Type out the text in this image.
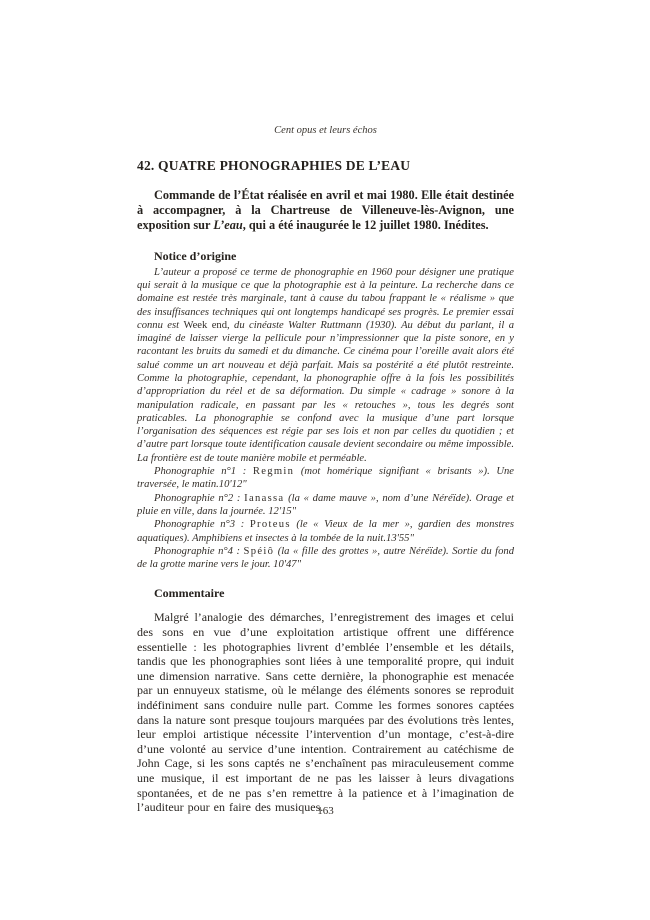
Cent opus et leurs échos
42. QUATRE PHONOGRAPHIES DE L’EAU

Commande de l’État réalisée en avril et mai 1980. Elle était destinée à accompagner, à la Chartreuse de Villeneuve-lès-Avignon, une exposition sur L’eau, qui a été inaugurée le 12 juillet 1980. Inédites.

Notice d’origine

L’auteur a proposé ce terme de phonographie en 1960 pour désigner une pratique qui serait à la musique ce que la photographie est à la peinture. La recherche dans ce domaine est restée très marginale, tant à cause du tabou frappant le « réalisme » que des insuffisances techniques qui ont longtemps handicapé ses progrès. Le premier essai connu est Week end, du cinéaste Walter Ruttmann (1930). Au début du parlant, il a imaginé de laisser vierge la pellicule pour n’impressionner que la piste sonore, en y racontant les bruits du samedi et du dimanche. Ce cinéma pour l’oreille avait alors été salué comme un art nouveau et déjà parfait. Mais sa postérité a été plutôt restreinte. Comme la photographie, cependant, la phonographie offre à la fois les possibilités d’appropriation du réel et de sa déformation. Du simple « cadrage » sonore à la manipulation radicale, en passant par les « retouches », tous les degrés sont praticables. La phonographie se confond avec la musique d’une part lorsque l’organisation des séquences est régie par ses lois et non par celles du quotidien ; et d’autre part lorsque toute identification causale devient secondaire ou même impossible. La frontière est de toute manière mobile et perméable.

Phonographie n°1 : Regmin (mot homérique signifiant « brisants »). Une traversée, le matin.10'12"

Phonographie n°2 : Ianassa (la « dame mauve », nom d’une Néréïde). Orage et pluie en ville, dans la journée. 12'15"

Phonographie n°3 : Proteus (le « Vieux de la mer », gardien des monstres aquatiques). Amphibiens et insectes à la tombée de la nuit.13'55"

Phonographie n°4 : Spéiô (la « fille des grottes », autre Néréïde). Sortie du fond de la grotte marine vers le jour. 10'47"

Commentaire

Malgré l’analogie des démarches, l’enregistrement des images et celui des sons en vue d’une exploitation artistique offrent une différence essentielle : les photographies livrent d’emblée l’ensemble et les détails, tandis que les phonographies sont liées à une temporalité propre, qui induit une dimension narrative. Sans cette dernière, la phonographie est menacée par un ennuyeux statisme, où le mélange des éléments sonores se reproduit indéfiniment sans conduire nulle part. Comme les formes sonores captées dans la nature sont presque toujours marquées par des évolutions très lentes, leur emploi artistique nécessite l’intervention d’un montage, c’est-à-dire d’une volonté au service d’une intention. Contrairement au catéchisme de John Cage, si les sons captés ne s’enchaînent pas miraculeusement comme une musique, il est important de ne pas les laisser à leurs divagations spontanées, et de ne pas s’en remettre à la patience et à l’imagination de l’auditeur pour en faire des musiques.

163
